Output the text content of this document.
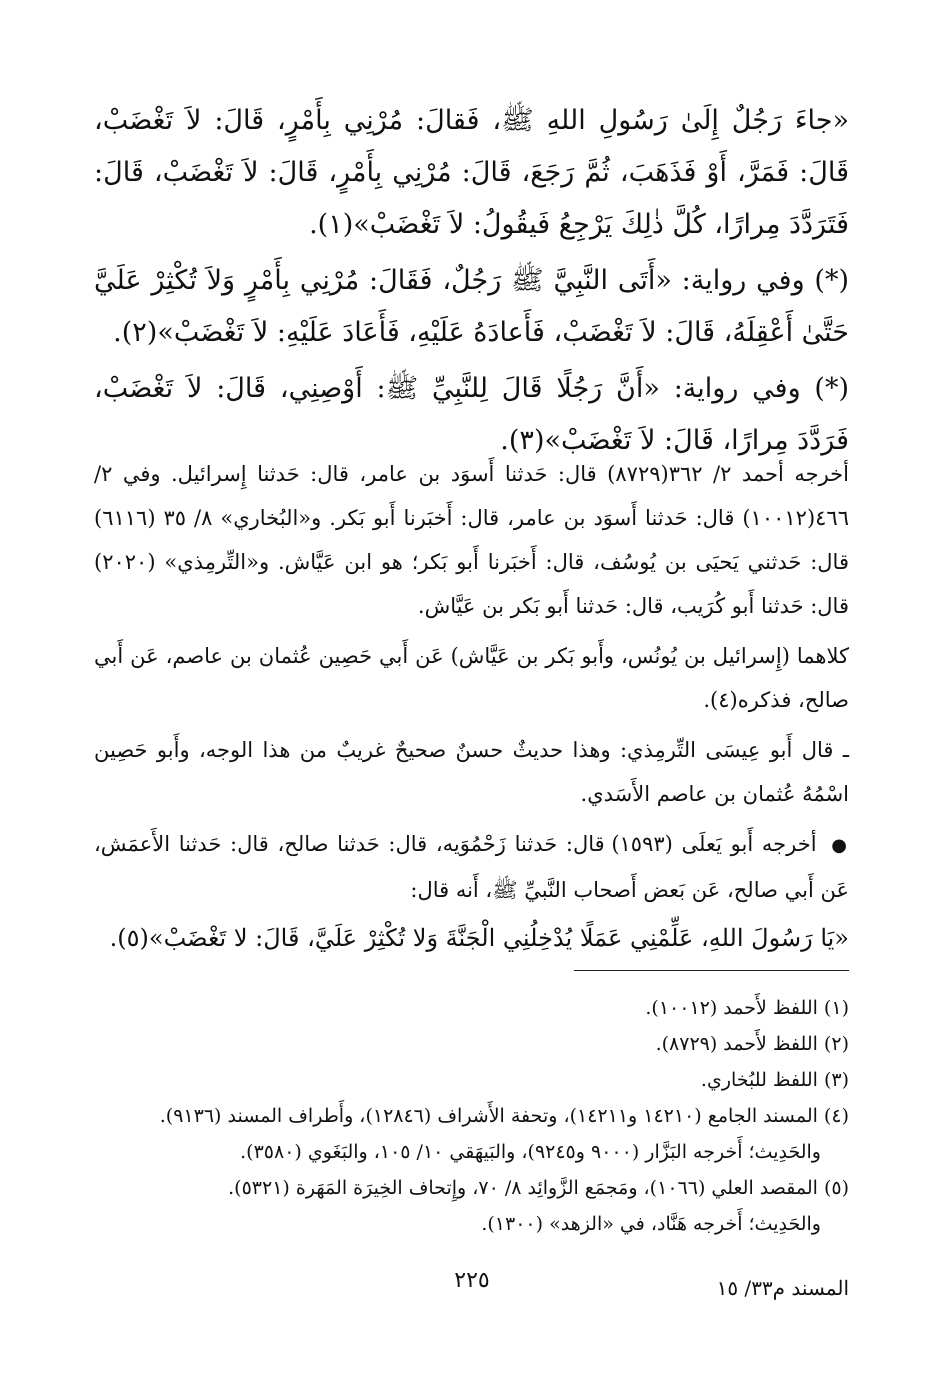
«جاءَ رَجُلٌ إِلَىٰ رَسُولِ اللهِ ﷺ، فَقالَ: مُرْنِي بِأَمْرٍ، قَالَ: لاَ تَغْضَبْ، قَالَ: فَمَرَّ، أَوْ فَذَهَبَ، ثُمَّ رَجَعَ، قَالَ: مُرْنِي بِأَمْرٍ، قَالَ: لاَ تَغْضَبْ، قَالَ: فَتَرَدَّدَ مِرارًا، كُلَّ ذٰلِكَ يَرْجِعُ فَيقُولُ: لاَ تَغْضَبْ»(١).

(*) وفي رواية: «أَتَى النَّبِيَّ ﷺ رَجُلٌ، فَقَالَ: مُرْنِي بِأَمْرٍ وَلاَ تُكْثِرْ عَلَيَّ حَتَّىٰ أَعْقِلَهُ، قَالَ: لاَ تَغْضَبْ، فَأَعادَهُ عَلَيْهِ، فَأَعَادَ عَلَيْهِ: لاَ تَغْضَبْ»(٢).

(*) وفي رواية: «أَنَّ رَجُلًا قَالَ لِلنَّبِيِّ ﷺ: أَوْصِنِي، قَالَ: لاَ تَغْضَبْ، فَرَدَّدَ مِرارًا، قَالَ: لاَ تَغْضَبْ»(٣).

أخرجه أحمد ٢/ ٣٦٢(٨٧٢٩) قال: حَدثنا أَسوَد بن عامر، قال: حَدثنا إِسرائيل. وفي ٢/ ٤٦٦(١٠٠١٢) قال: حَدثنا أَسوَد بن عامر، قال: أَخبَرنا أَبو بَكر. و«البُخاري» ٨/ ٣٥ (٦١١٦) قال: حَدثني يَحيَى بن يُوسُف، قال: أَخبَرنا أَبو بَكر؛ هو ابن عَيَّاش. و«التِّرمِذي» (٢٠٢٠) قال: حَدثنا أَبو كُرَيب، قال: حَدثنا أَبو بَكر بن عَيَّاش.

كلاهما (إِسرائيل بن يُونُس، وأَبو بَكر بن عَيَّاش) عَن أَبي حَصِين عُثمان بن عاصم، عَن أَبي صالح، فذكره(٤).

ـ قال أَبو عِيسَى التِّرمِذي: وهذا حديثٌ حسنٌ صحيحٌ غريبٌ من هذا الوجه، وأَبو حَصِين اسْمُهُ عُثمان بن عاصم الأَسَدي.

● أخرجه أَبو يَعلَى (١٥٩٣) قال: حَدثنا زَحْمُوَيه، قال: حَدثنا صالح، قال: حَدثنا الأَعمَش، عَن أَبي صالح، عَن بَعض أَصحاب النَّبيِّ ﷺ، أَنه قال:

«يَا رَسُولَ اللهِ، عَلِّمْنِي عَمَلًا يُدْخِلُنِي الْجَنَّةَ وَلا تُكْثِرْ عَلَيَّ، قَالَ: لا تَغْضَبْ»(٥).

(١) اللفظ لأَحمد (١٠٠١٢).
(٢) اللفظ لأَحمد (٨٧٢٩).
(٣) اللفظ للبُخاري.
(٤) المسند الجامع (١٤٢١٠ و١٤٢١١)، وتحفة الأَشراف (١٢٨٤٦)، وأَطراف المسند (٩١٣٦).
والحَدِيث؛ أَخرجه البَزَّار (٩٠٠٠ و٩٢٤٥)، والبَيهَقي ١٠/ ١٠٥، والبَغَوي (٣٥٨٠).
(٥) المقصد العلي (١٠٦٦)، ومَجمَع الزَّوائِد ٨/ ٧٠، وإِتحاف الخِيرَة المَهَرة (٥٣٢١).
والحَدِيث؛ أَخرجه هَنَّاد، في «الزهد» (١٣٠٠).
المسند م٣٣/ ١٥
٢٢٥
